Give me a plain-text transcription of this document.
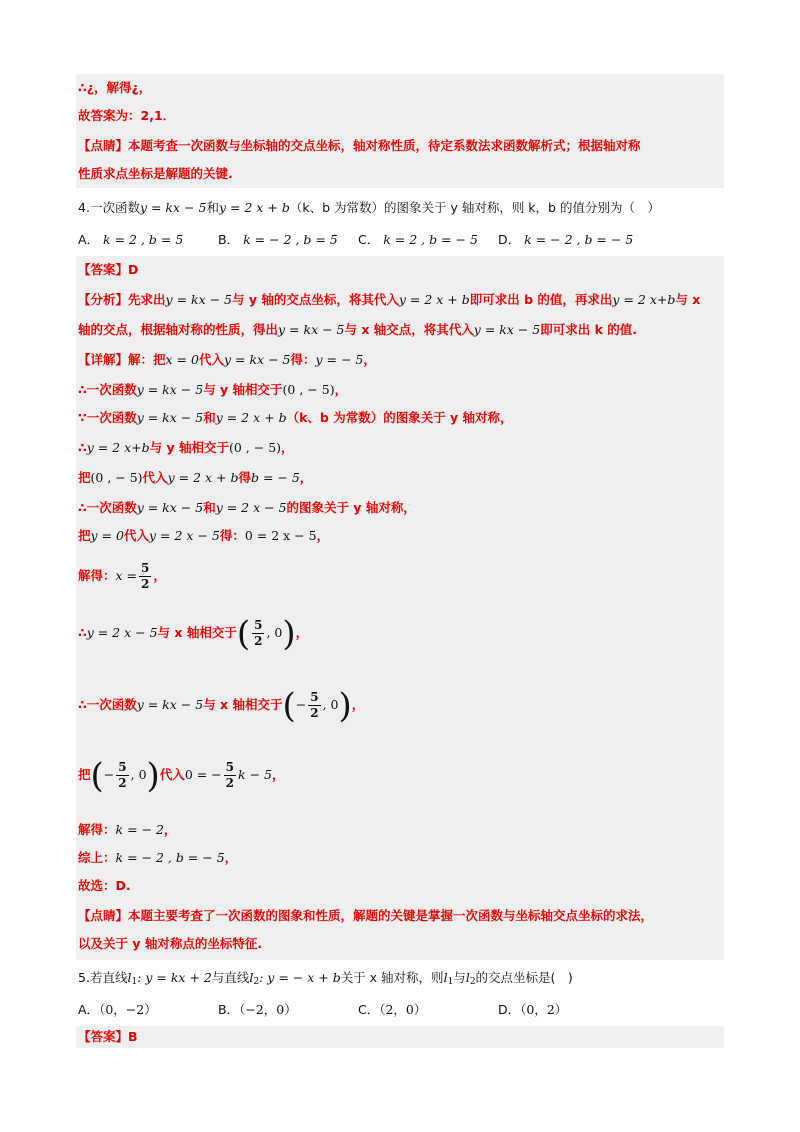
∴¿，解得¿，
故答案为：2,1．
【点睛】本题考查一次函数与坐标轴的交点坐标，轴对称性质，待定系数法求函数解析式；根据轴对称
性质求点坐标是解题的关键.
4.一次函数y = kx − 5和y = 2 x + b（k、b 为常数）的图象关于 y 轴对称，则 k，b 的值分别为（　）
A． k = 2 , b = 5	B． k = − 2 , b = 5 C． k = 2 , b = − 5 D． k = − 2 , b = − 5
【答案】D
【分析】先求出y = kx − 5与 y 轴的交点坐标，将其代入y = 2 x + b即可求出 b 的值，再求出y = 2 x+b与 x
轴的交点，根据轴对称的性质，得出y = kx − 5与 x 轴交点，将其代入y = kx − 5即可求出 k 的值.
【详解】解：把x = 0代入y = kx − 5得：y = − 5，
∴一次函数y = kx − 5与 y 轴相交于(0 , − 5)，
∵一次函数y = kx − 5和y = 2 x + b（k、b 为常数）的图象关于 y 轴对称，
∴y = 2 x+b与 y 轴相交于(0 , − 5)，
把(0 , − 5)代入y = 2 x + b得b = − 5，
∴一次函数y = kx − 5和y = 2 x − 5的图象关于 y 轴对称，
把y = 0代入y = 2 x − 5得：0 = 2 x − 5，
解得：$x = \frac{5}{2}$ ，
∴y = 2 x − 5与 x 轴相交于( $\frac{5}{2}$ , 0)，
∴一次函数y = kx − 5与 x 轴相交于(− $\frac{5}{2}$ , 0)，
把(− $\frac{5}{2}$ , 0)代入0 = − $\frac{5}{2}$ k − 5，
解得：k = − 2，
综上：k = − 2 , b = − 5，
故选：D.
【点睛】本题主要考查了一次函数的图象和性质，解题的关键是掌握一次函数与坐标轴交点坐标的求法，
以及关于 y 轴对称点的坐标特征.
5.若直线$l_1$: y = kx + 2与直线$l_2$: y = − x + b关于 x 轴对称，则$l_1$与$l_2$的交点坐标是(　)
A．（0，−2）	B．（−2，0）	C．（2，0）	D．（0，2）
【答案】B
